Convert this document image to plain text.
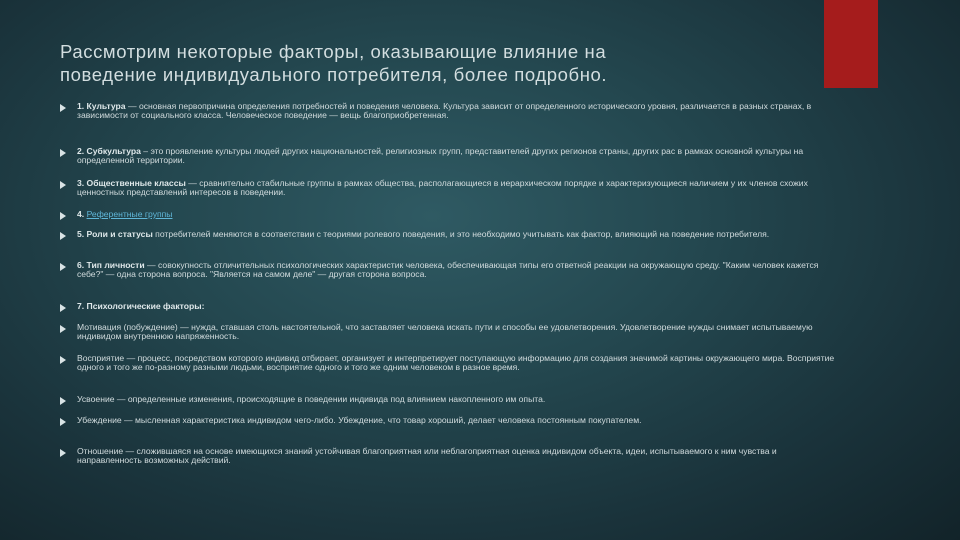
Рассмотрим некоторые факторы, оказывающие влияние на
поведение индивидуального потребителя, более подробно.
1. Культура — основная первопричина определения потребностей и поведения человека. Культура зависит от определенного исторического уровня, различается в разных странах, в зависимости от социального класса. Человеческое поведение — вещь благоприобретенная.
2. Субкультура – это проявление культуры людей других национальностей, религиозных групп, представителей других регионов страны, других рас в рамках основной культуры на определенной территории.
3. Общественные классы — сравнительно стабильные группы в рамках общества, располагающиеся в иерархическом порядке и характеризующиеся наличием у их членов схожих ценностных представлений интересов в поведении.
4. Референтные группы
5. Роли и статусы потребителей меняются в соответствии с теориями ролевого поведения, и это необходимо учитывать как фактор, влияющий на поведение потребителя.
6. Тип личности — совокупность отличительных психологических характеристик человека, обеспечивающая типы его ответной реакции на окружающую среду. "Каким человек кажется себе?" — одна сторона вопроса. "Является на самом деле" — другая сторона вопроса.
7. Психологические факторы:
Мотивация (побуждение) — нужда, ставшая столь настоятельной, что заставляет человека искать пути и способы ее удовлетворения. Удовлетворение нужды снимает испытываемую индивидом внутреннюю напряженность.
Восприятие — процесс, посредством которого индивид отбирает, организует и интерпретирует поступающую информацию для создания значимой картины окружающего мира. Восприятие одного и того же по-разному разными людьми, восприятие одного и того же одним человеком в разное время.
Усвоение — определенные изменения, происходящие в поведении индивида под влиянием накопленного им опыта.
Убеждение — мысленная характеристика индивидом чего-либо. Убеждение, что товар хороший, делает человека постоянным покупателем.
Отношение — сложившаяся на основе имеющихся знаний устойчивая благоприятная или неблагоприятная оценка индивидом объекта, идеи, испытываемого к ним чувства и направленность возможных действий.
